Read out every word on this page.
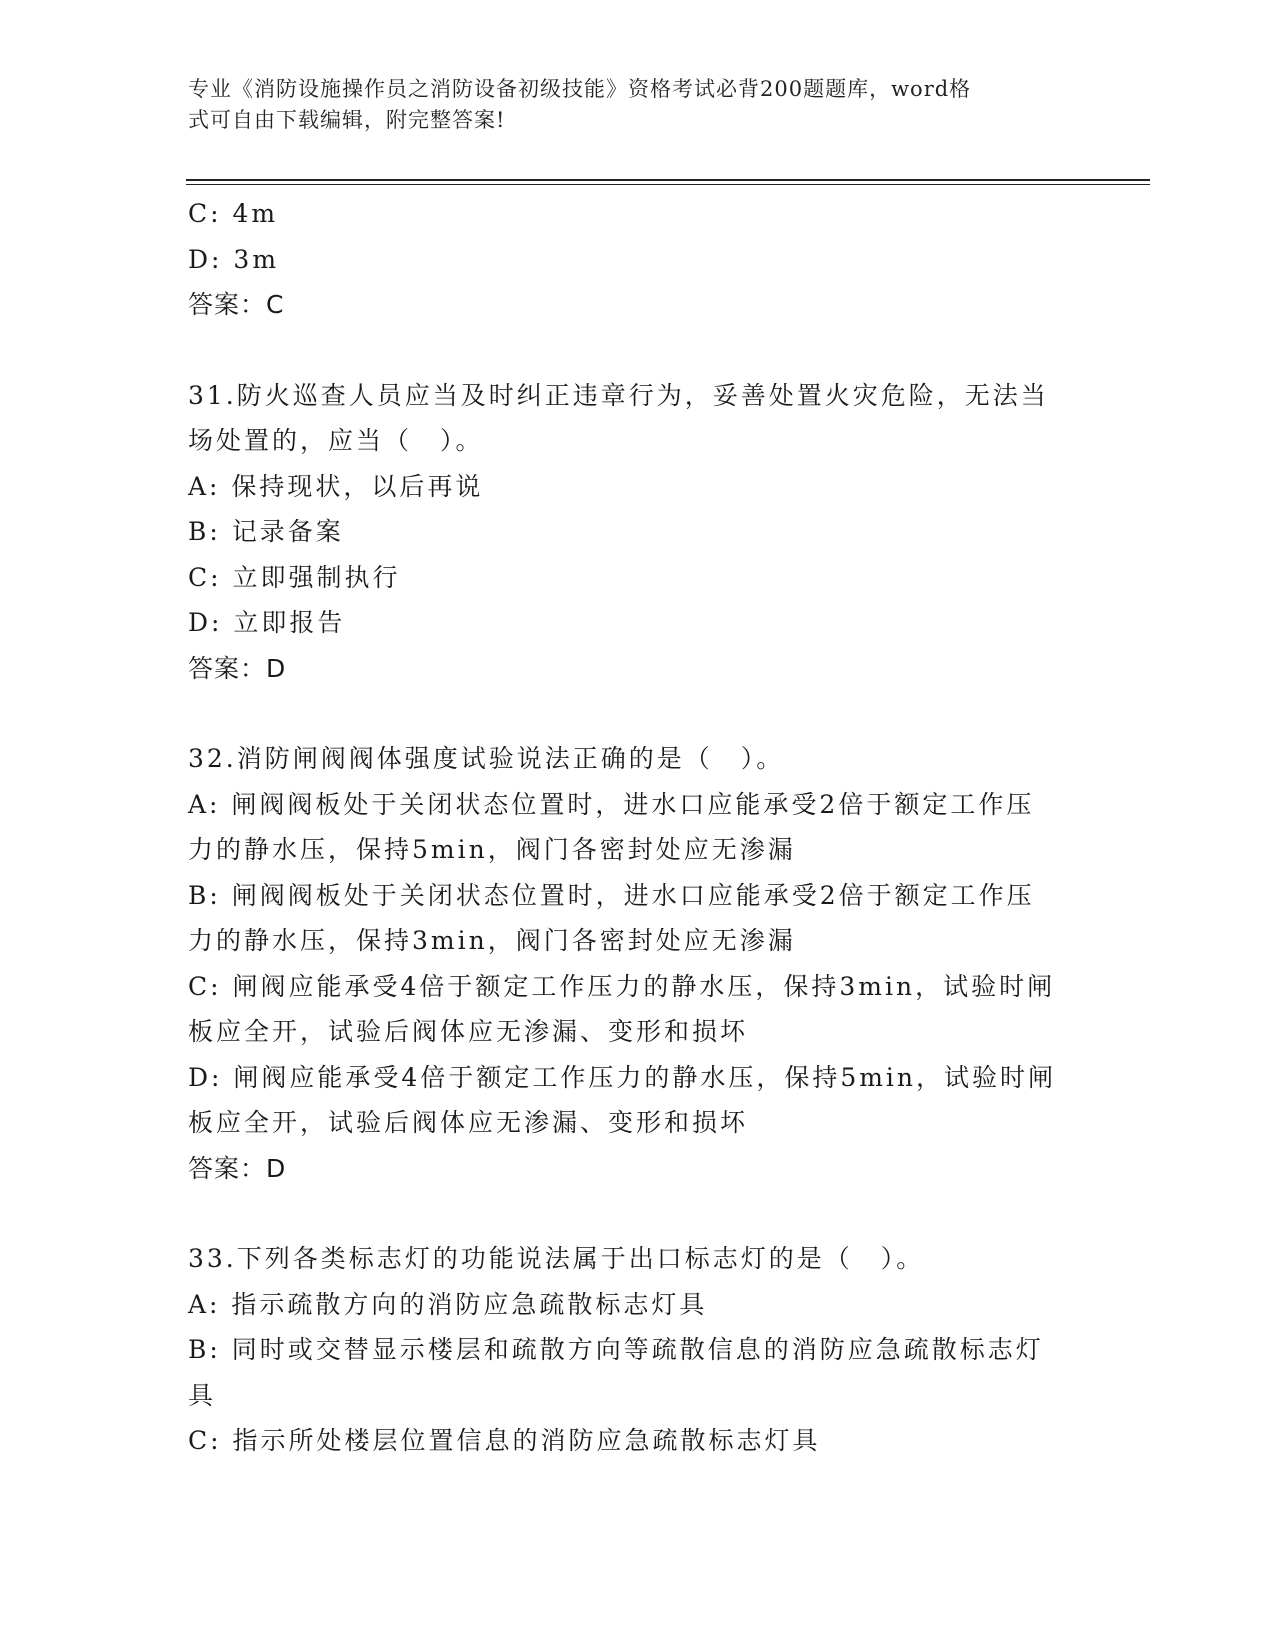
专业《消防设施操作员之消防设备初级技能》资格考试必背200题题库，word格
式可自由下载编辑，附完整答案!

C: 4m

D: 3m

答案：C

31.防火巡查人员应当及时纠正违章行为，妥善处置火灾危险，无法当

场处置的，应当（　）。

A: 保持现状，以后再说

B: 记录备案

C: 立即强制执行

D: 立即报告

答案：D

32.消防闸阀阀体强度试验说法正确的是（　）。

A: 闸阀阀板处于关闭状态位置时，进水口应能承受2倍于额定工作压

力的静水压，保持5min，阀门各密封处应无渗漏

B: 闸阀阀板处于关闭状态位置时，进水口应能承受2倍于额定工作压

力的静水压，保持3min，阀门各密封处应无渗漏

C: 闸阀应能承受4倍于额定工作压力的静水压，保持3min，试验时闸

板应全开，试验后阀体应无渗漏、变形和损坏

D: 闸阀应能承受4倍于额定工作压力的静水压，保持5min，试验时闸

板应全开，试验后阀体应无渗漏、变形和损坏

答案：D

33.下列各类标志灯的功能说法属于出口标志灯的是（　）。

A: 指示疏散方向的消防应急疏散标志灯具

B: 同时或交替显示楼层和疏散方向等疏散信息的消防应急疏散标志灯

具

C: 指示所处楼层位置信息的消防应急疏散标志灯具
